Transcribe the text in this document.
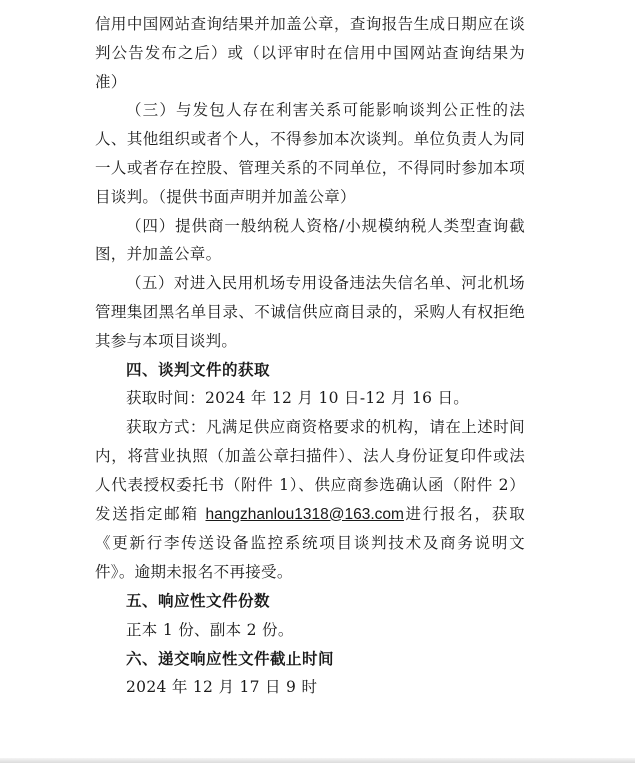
信用中国网站查询结果并加盖公章，查询报告生成日期应在谈判公告发布之后）或（以评审时在信用中国网站查询结果为准）

（三）与发包人存在利害关系可能影响谈判公正性的法人、其他组织或者个人，不得参加本次谈判。单位负责人为同一人或者存在控股、管理关系的不同单位，不得同时参加本项目谈判。（提供书面声明并加盖公章）

（四）提供商一般纳税人资格/小规模纳税人类型查询截图，并加盖公章。

（五）对进入民用机场专用设备违法失信名单、河北机场管理集团黑名单目录、不诚信供应商目录的，采购人有权拒绝其参与本项目谈判。

四、谈判文件的获取

获取时间：2024 年 12 月 10 日-12 月 16 日。

获取方式：凡满足供应商资格要求的机构，请在上述时间内，将营业执照（加盖公章扫描件）、法人身份证复印件或法人代表授权委托书（附件 1）、供应商参选确认函（附件 2）发送指定邮箱 hangzhanlou1318@163.com进行报名，获取《更新行李传送设备监控系统项目谈判技术及商务说明文件》。逾期未报名不再接受。

五、响应性文件份数

正本 1 份、副本 2 份。

六、递交响应性文件截止时间

2024 年 12 月 17 日 9 时
